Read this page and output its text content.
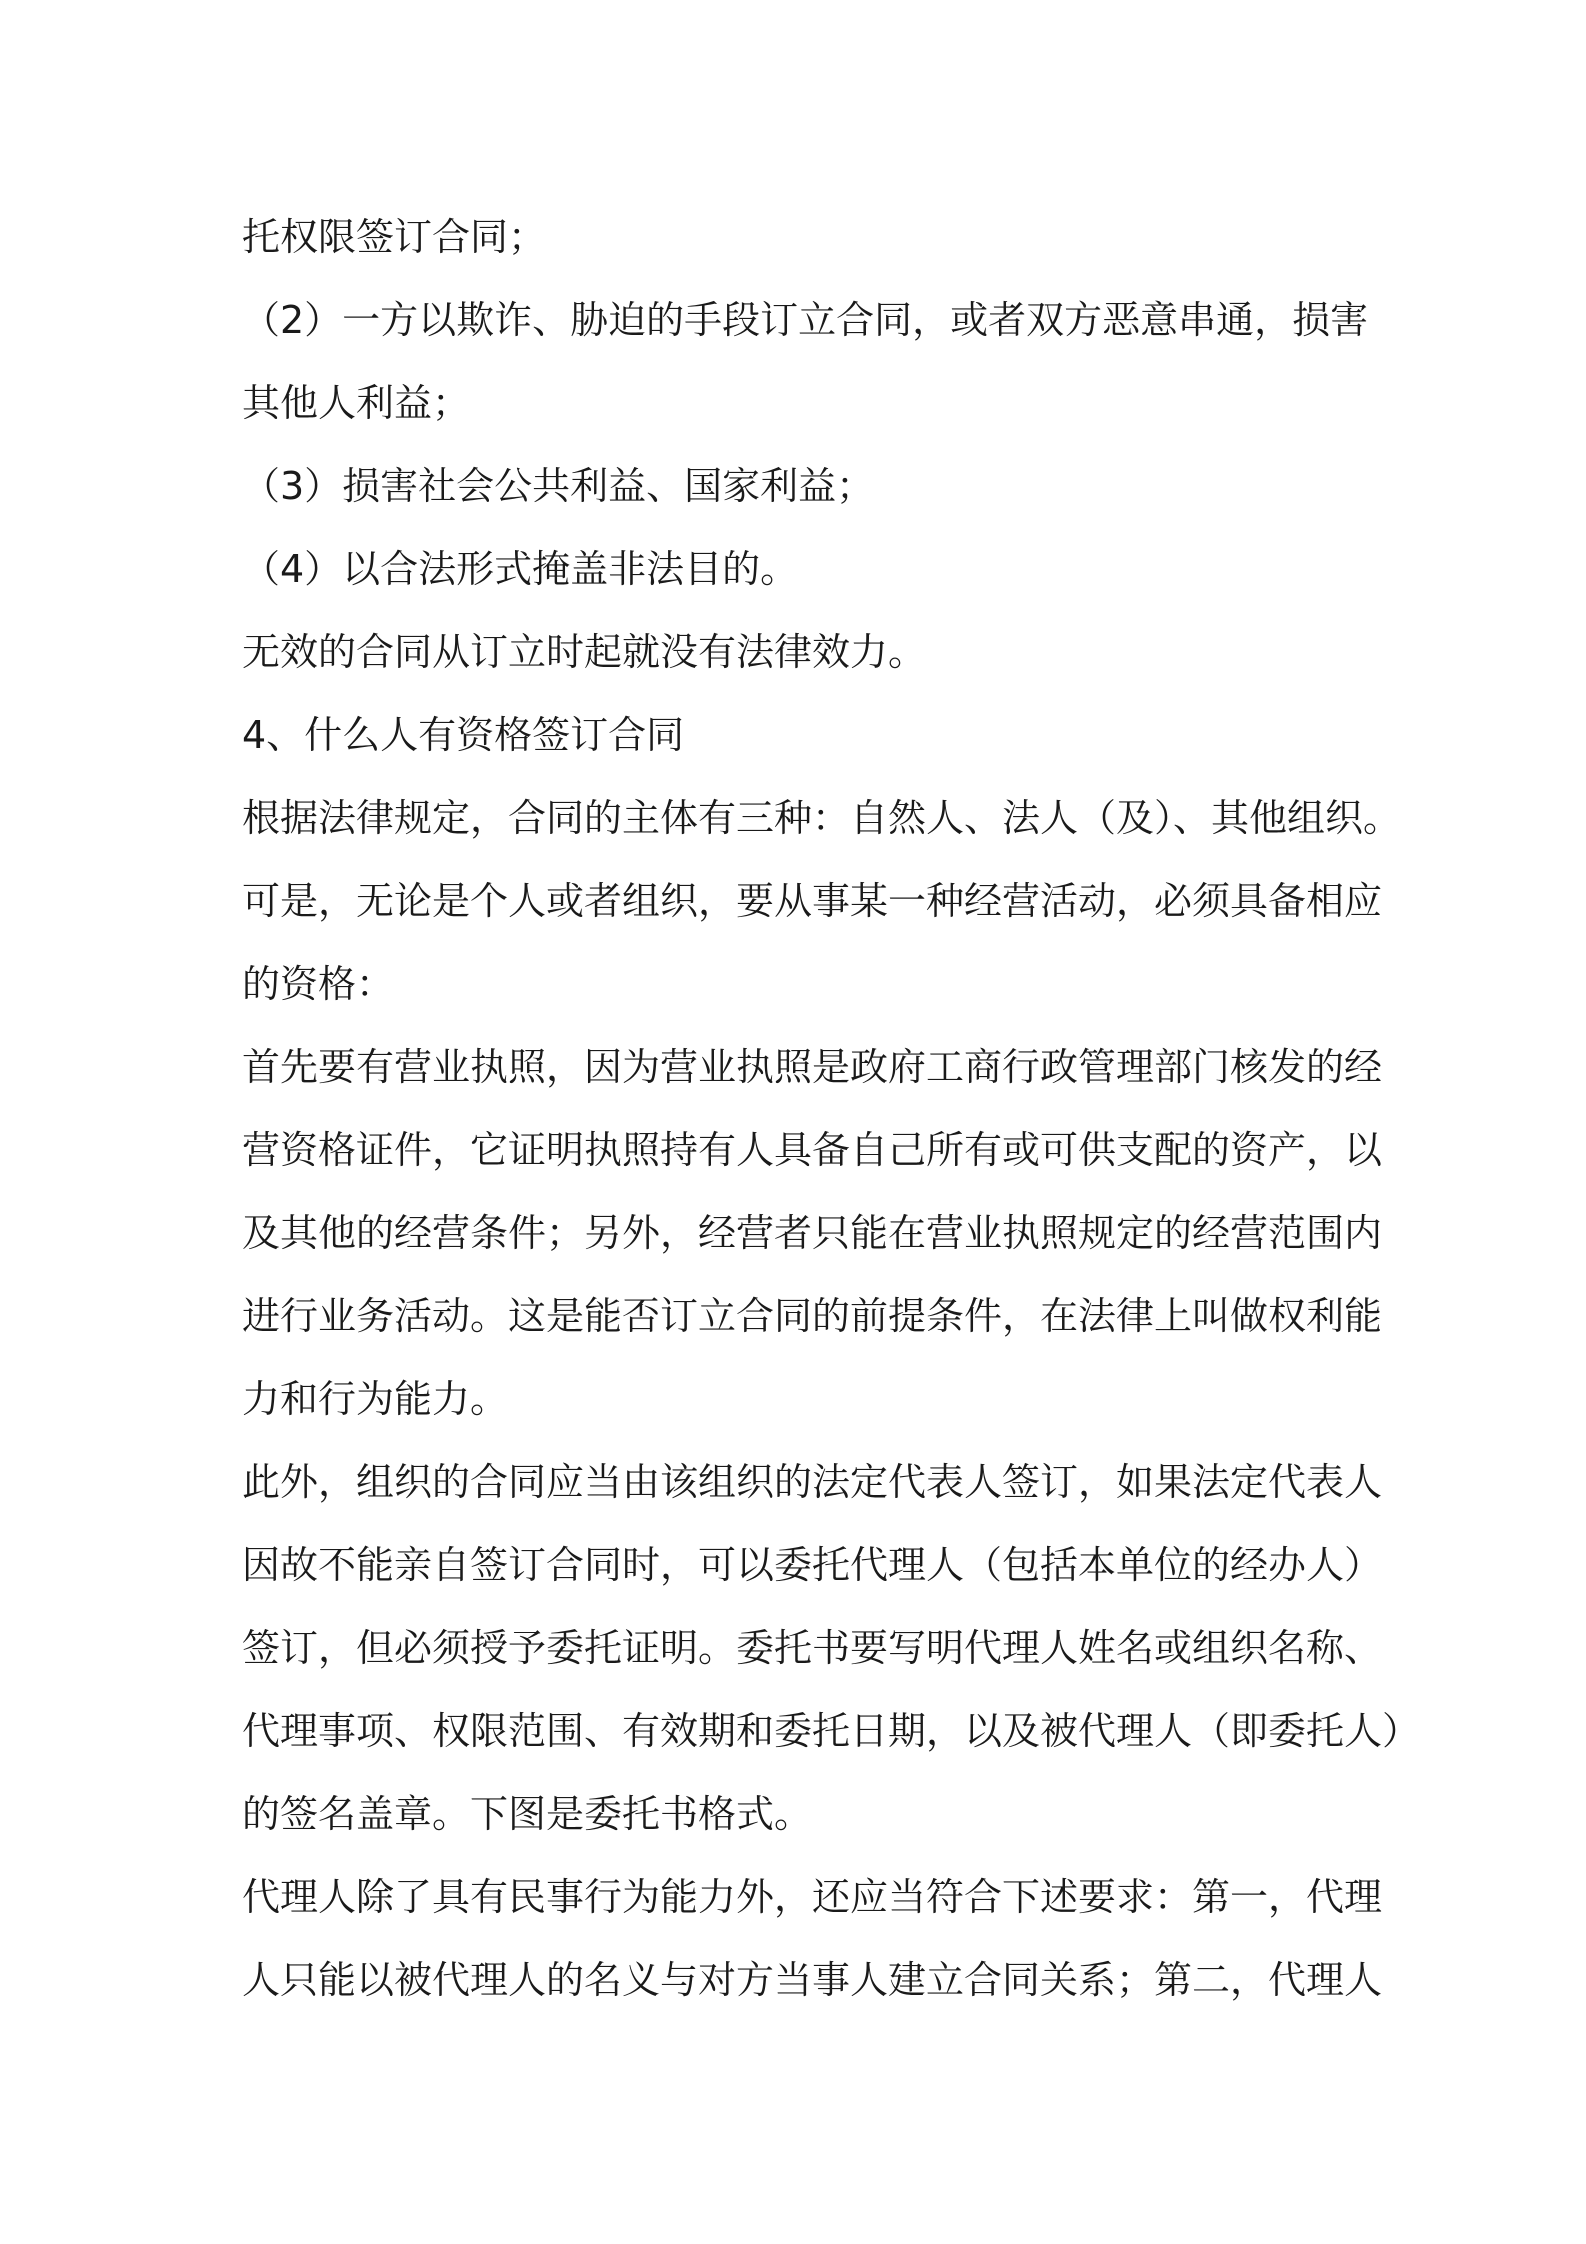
托权限签订合同；
（2）一方以欺诈、胁迫的手段订立合同，或者双方恶意串通，损害
其他人利益；
（3）损害社会公共利益、国家利益；
（4）以合法形式掩盖非法目的。
无效的合同从订立时起就没有法律效力。
4、什么人有资格签订合同
根据法律规定，合同的主体有三种：自然人、法人（及）、其他组织。
可是，无论是个人或者组织，要从事某一种经营活动，必须具备相应
的资格：
首先要有营业执照，因为营业执照是政府工商行政管理部门核发的经
营资格证件，它证明执照持有人具备自己所有或可供支配的资产，以
及其他的经营条件；另外，经营者只能在营业执照规定的经营范围内
进行业务活动。这是能否订立合同的前提条件，在法律上叫做权利能
力和行为能力。
此外，组织的合同应当由该组织的法定代表人签订，如果法定代表人
因故不能亲自签订合同时，可以委托代理人（包括本单位的经办人）
签订，但必须授予委托证明。委托书要写明代理人姓名或组织名称、
代理事项、权限范围、有效期和委托日期，以及被代理人（即委托人）
的签名盖章。下图是委托书格式。
代理人除了具有民事行为能力外，还应当符合下述要求：第一，代理
人只能以被代理人的名义与对方当事人建立合同关系；第二，代理人
